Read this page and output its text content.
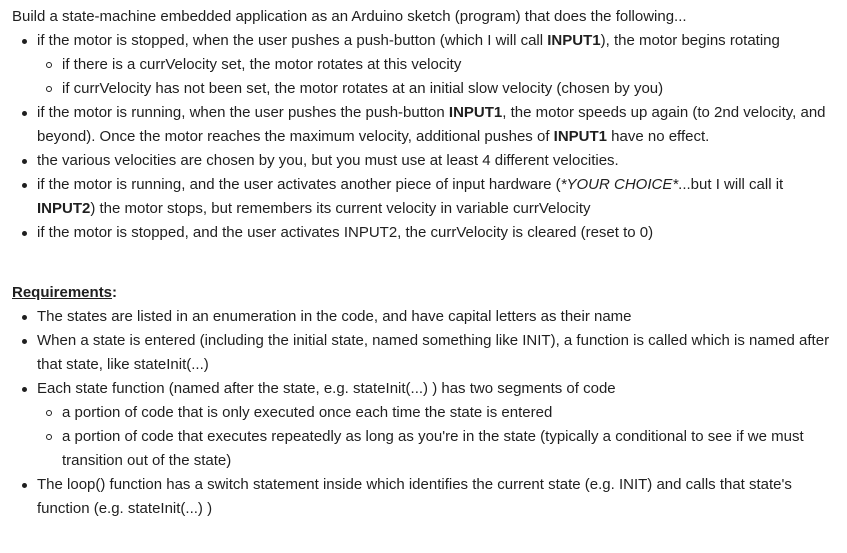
Build a state-machine embedded application as an Arduino sketch (program) that does the following...

if the motor is stopped, when the user pushes a push-button (which I will call INPUT1), the motor begins rotating
if there is a currVelocity set, the motor rotates at this velocity
if currVelocity has not been set, the motor rotates at an initial slow velocity (chosen by you)
if the motor is running, when the user pushes the push-button INPUT1, the motor speeds up again (to 2nd velocity, and beyond). Once the motor reaches the maximum velocity, additional pushes of INPUT1 have no effect.
the various velocities are chosen by you, but you must use at least 4 different velocities.
if the motor is running, and the user activates another piece of input hardware (*YOUR CHOICE*...but I will call it INPUT2) the motor stops, but remembers its current velocity in variable currVelocity
if the motor is stopped, and the user activates INPUT2, the currVelocity is cleared (reset to 0)

Requirements:

The states are listed in an enumeration in the code, and have capital letters as their name
When a state is entered (including the initial state, named something like INIT), a function is called which is named after that state, like stateInit(...)
Each state function (named after the state, e.g. stateInit(...) ) has two segments of code
a portion of code that is only executed once each time the state is entered
a portion of code that executes repeatedly as long as you're in the state (typically a conditional to see if we must transition out of the state)
The loop() function has a switch statement inside which identifies the current state (e.g. INIT) and calls that state's function (e.g. stateInit(...) )
